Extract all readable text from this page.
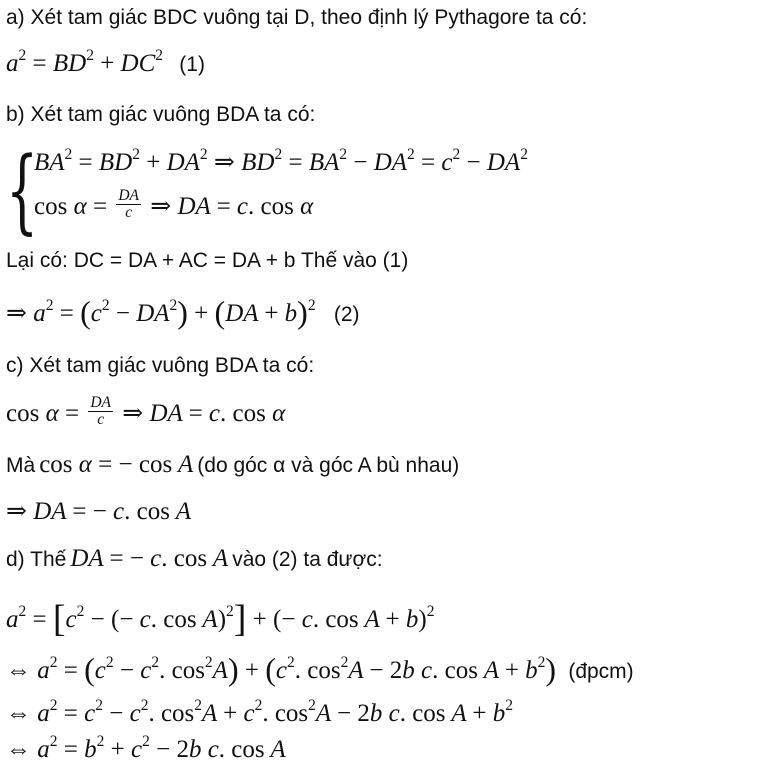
a) Xét tam giác BDC vuông tại D, theo định lý Pythagore ta có:
$a^2 = BD^2 + DC^2$ (1)
b) Xét tam giác vuông BDA ta có:
{
$BA^2 = BD^2 + DA^2$ ⇒ $BD^2 = BA^2 - DA^2 = c^2 - DA^2$
$\cos \alpha = \frac{DA}{c}$ ⇒ DA = c. cos α
Lại có: DC = DA + AC = DA + b Thế vào (1)
⇒ $a^2 = (c^2 - DA^2) + (DA + b)^2$ (2)
c) Xét tam giác vuông BDA ta có:
$\cos \alpha = \frac{DA}{c}$ ⇒ DA = c. cos α
Mà cos α = − cos A (do góc α và góc A bù nhau)
⇒ DA = − c. cos A
d) Thế DA = − c. cos A vào (2) ta được:
$a^2 = [c^2$ − (− c. cos A)$^2$] + (− c. cos A + b)$^2$
⇔ $a^2 = (c^2 - c^2$. $\cos^2A) + (c^2$. $\cos^2A - 2b$ c. $\cos A + b^2$) (đpcm)
⇔ $a^2 = c^2 - c^2$. $\cos^2A + c^2$. $\cos^2A - 2b$ c. $\cos A + b^2$
⇔ $a^2 = b^2 + c^2 - 2b$ c. cos A
